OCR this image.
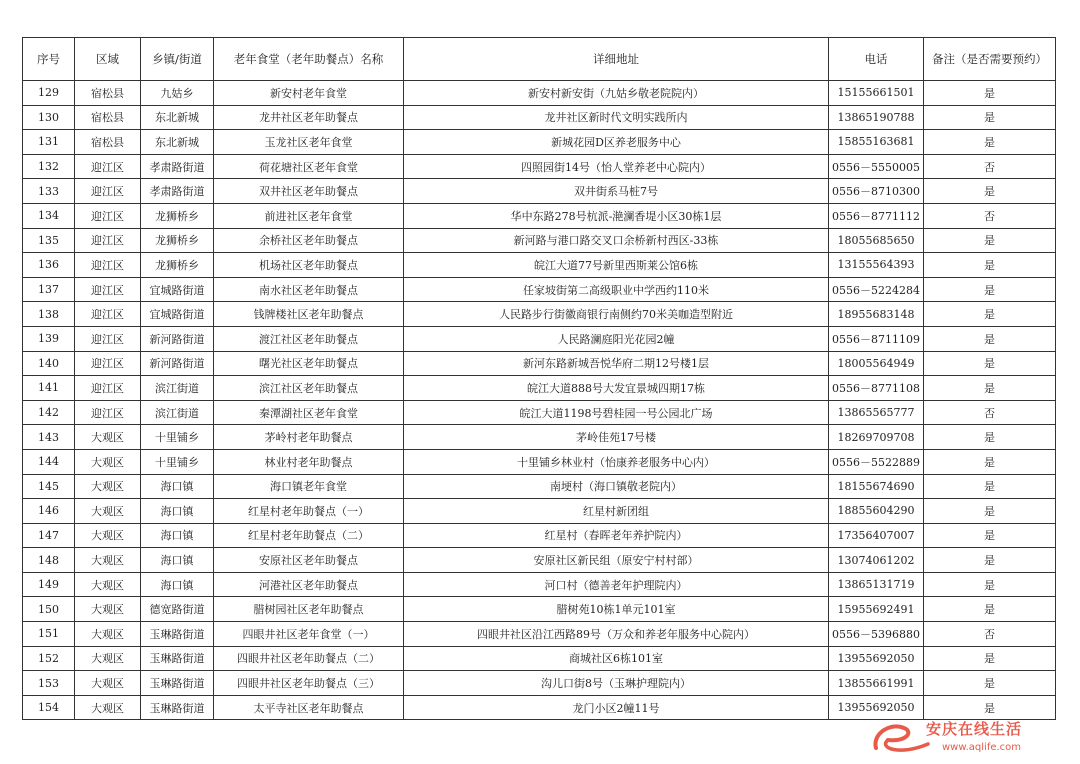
序号	区域	乡镇/街道	老年食堂（老年助餐点）名称	详细地址	电话	备注（是否需要预约）
129	宿松县	九姑乡	新安村老年食堂	新安村新安街（九姑乡敬老院院内）	15155661501	是
130	宿松县	东北新城	龙井社区老年助餐点	龙井社区新时代文明实践所内	13865190788	是
131	宿松县	东北新城	玉龙社区老年食堂	新城花园D区养老服务中心	15855163681	是
132	迎江区	孝肃路街道	荷花塘社区老年食堂	四照园街14号（怡人堂养老中心院内）	0556－5550005	否
133	迎江区	孝肃路街道	双井社区老年助餐点	双井街系马桩7号	0556－8710300	是
134	迎江区	龙狮桥乡	前进社区老年食堂	华中东路278号杭派-滟澜香堤小区30栋1层	0556－8771112	否
135	迎江区	龙狮桥乡	余桥社区老年助餐点	新河路与港口路交叉口余桥新村西区-33栋	18055685650	是
136	迎江区	龙狮桥乡	机场社区老年助餐点	皖江大道77号新里西斯莱公馆6栋	13155564393	是
137	迎江区	宜城路街道	南水社区老年助餐点	任家坡街第二高级职业中学西约110米	0556－5224284	是
138	迎江区	宜城路街道	钱牌楼社区老年助餐点	人民路步行街徽商银行南侧约70米美咖造型附近	18955683148	是
139	迎江区	新河路街道	渡江社区老年助餐点	人民路澜庭阳光花园2幢	0556－8711109	是
140	迎江区	新河路街道	曙光社区老年助餐点	新河东路新城吾悦华府二期12号楼1层	18005564949	是
141	迎江区	滨江街道	滨江社区老年助餐点	皖江大道888号大发宜景城四期17栋	0556－8771108	是
142	迎江区	滨江街道	秦潭湖社区老年食堂	皖江大道1198号碧桂园一号公园北广场	13865565777	否
143	大观区	十里铺乡	茅岭村老年助餐点	茅岭佳苑17号楼	18269709708	是
144	大观区	十里铺乡	林业村老年助餐点	十里铺乡林业村（怡康养老服务中心内）	0556－5522889	是
145	大观区	海口镇	海口镇老年食堂	南埂村（海口镇敬老院内）	18155674690	是
146	大观区	海口镇	红星村老年助餐点（一）	红星村新团组	18855604290	是
147	大观区	海口镇	红星村老年助餐点（二）	红星村（春晖老年养护院内）	17356407007	是
148	大观区	海口镇	安原社区老年助餐点	安原社区新民组（原安宁村村部）	13074061202	是
149	大观区	海口镇	河港社区老年助餐点	河口村（德善老年护理院内）	13865131719	是
150	大观区	德宽路街道	腊树园社区老年助餐点	腊树苑10栋1单元101室	15955692491	是
151	大观区	玉琳路街道	四眼井社区老年食堂（一）	四眼井社区沿江西路89号（万众和养老年服务中心院内）	0556－5396880	否
152	大观区	玉琳路街道	四眼井社区老年助餐点（二）	商城社区6栋101室	13955692050	是
153	大观区	玉琳路街道	四眼井社区老年助餐点（三）	沟儿口街8号（玉琳护理院内）	13855661991	是
154	大观区	玉琳路街道	太平寺社区老年助餐点	龙门小区2幢11号	13955692050	是
安庆在线生活
www.aqlife.com
